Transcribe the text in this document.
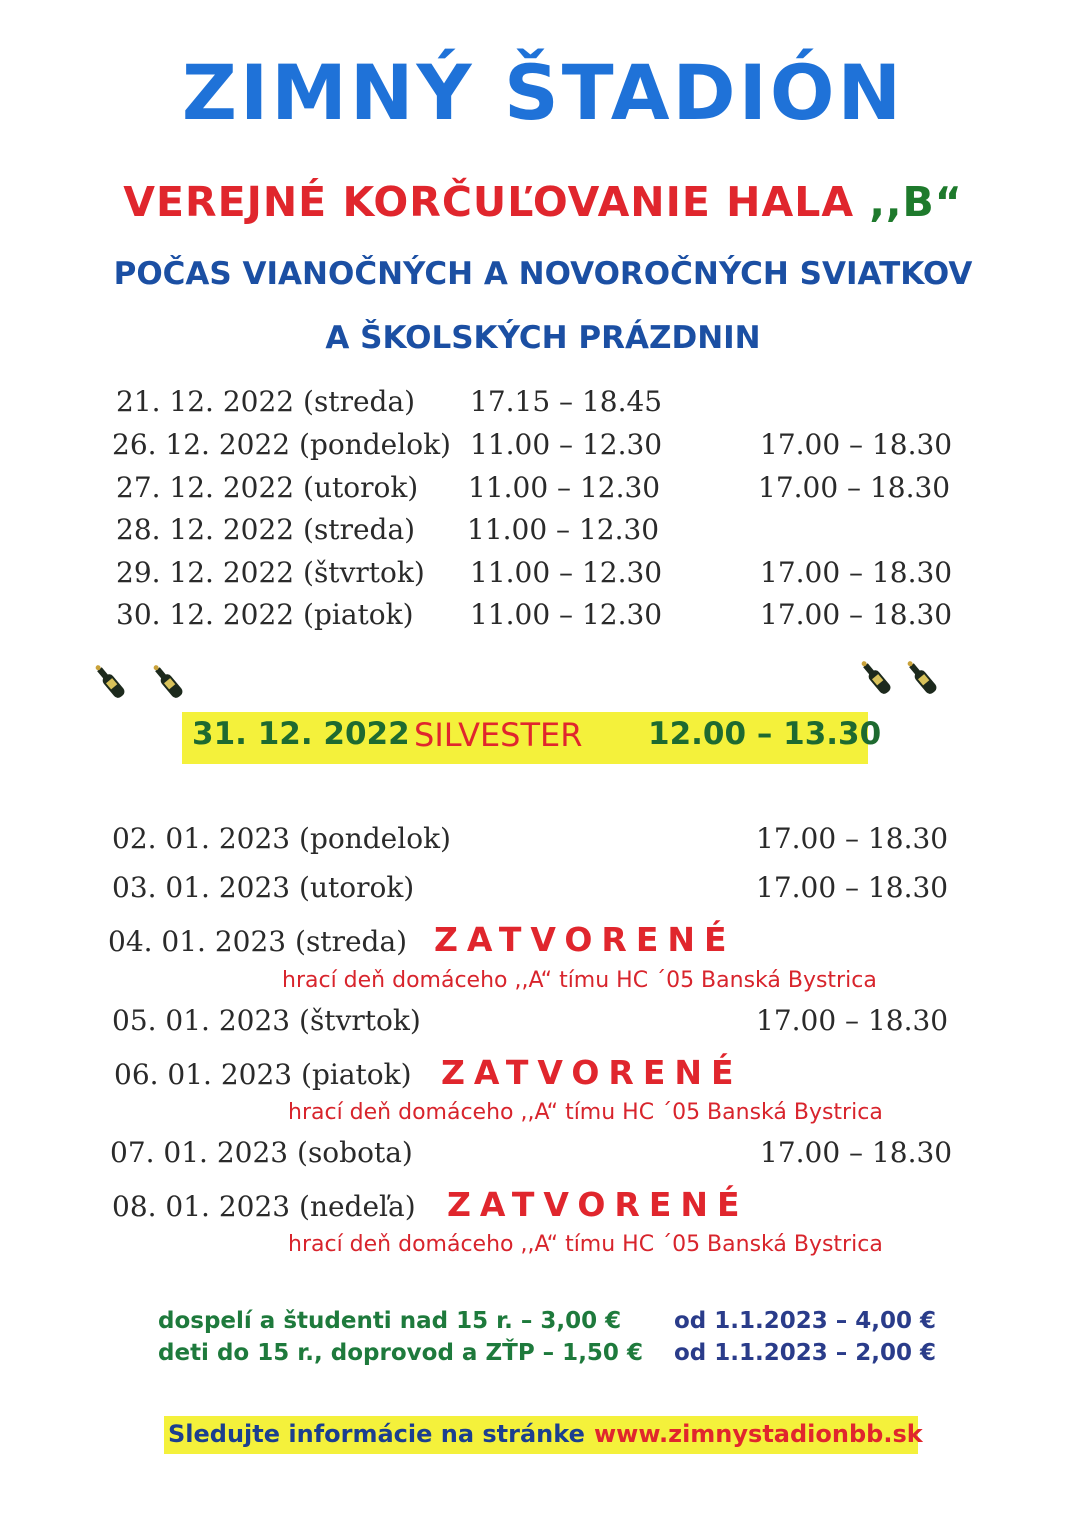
ZIMNÝ ŠTADIÓN
VEREJNÉ KORČUĽOVANIE HALA ,,B“
POČAS VIANOČNÝCH A NOVOROČNÝCH SVIATKOV
A ŠKOLSKÝCH PRÁZDNIN
21. 12. 2022 (streda) 17.15 – 18.45
26. 12. 2022 (pondelok) 11.00 – 12.30	17.00 – 18.30
27. 12. 2022 (utorok) 11.00 – 12.30	17.00 – 18.30
28. 12. 2022 (streda) 11.00 – 12.30
29. 12. 2022 (štvrtok) 11.00 – 12.30	17.00 – 18.30
30. 12. 2022 (piatok) 11.00 – 12.30	17.00 – 18.30
31. 12. 2022 SILVESTER 12.00 – 13.30
02. 01. 2023 (pondelok)	17.00 – 18.30
03. 01. 2023 (utorok)	17.00 – 18.30
04. 01. 2023 (streda) ZATVORENÉ
hrací deň domáceho ,,A“ tímu HC ´05 Banská Bystrica
05. 01. 2023 (štvrtok)	17.00 – 18.30
06. 01. 2023 (piatok) ZATVORENÉ
hrací deň domáceho ,,A“ tímu HC ´05 Banská Bystrica
07. 01. 2023 (sobota)	17.00 – 18.30
08. 01. 2023 (nedeľa) ZATVORENÉ
hrací deň domáceho ,,A“ tímu HC ´05 Banská Bystrica
dospelí a študenti nad 15 r. – 3,00 € od 1.1.2023 – 4,00 €
deti do 15 r., doprovod a ZŤP – 1,50 € od 1.1.2023 – 2,00 €
Sledujte informácie na stránke www.zimnystadionbb.sk
